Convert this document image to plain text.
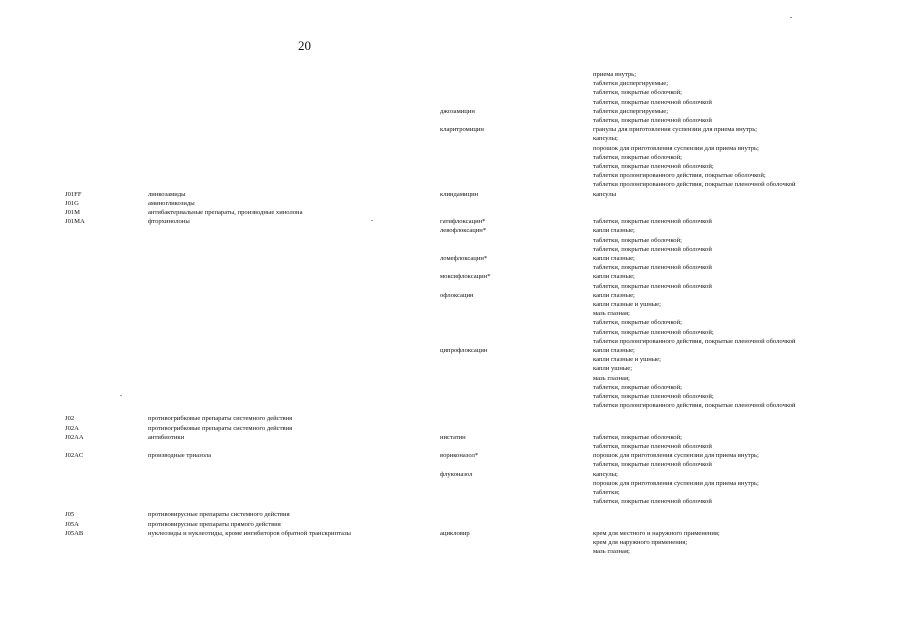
20
приема внутрь;
таблетки диспергируемые;
таблетки, покрытые оболочкой;
таблетки, покрытые пленочной оболочкой
джозамицин	таблетки диспергируемые;
таблетки, покрытые пленочной оболочкой
кларитромицин	гранулы для приготовления суспензии для приема внутрь;
капсулы;
порошок для приготовления суспензии для приема внутрь;
таблетки, покрытые оболочкой;
таблетки, покрытые пленочной оболочкой;
таблетки пролонгированного действия, покрытые оболочкой;
таблетки пролонгированного действия, покрытые пленочной оболочкой
J01FF	линкозамиды	клиндамицин	капсулы
J01G	аминогликозиды
J01M	антибактериальные препараты, производные хинолона
J01MA	фторхинолоны	гатифлоксацин*	таблетки, покрытые пленочной оболочкой
левофлоксацин*	капли глазные;
таблетки, покрытые оболочкой;
таблетки, покрытые пленочной оболочкой
ломефлоксацин*	капли глазные;
таблетки, покрытые пленочной оболочкой
моксифлоксацин*	капли глазные;
таблетки, покрытые пленочной оболочкой
офлоксацин	капли глазные;
капли глазные и ушные;
мазь глазная;
таблетки, покрытые оболочкой;
таблетки, покрытые пленочной оболочкой;
таблетки пролонгированного действия, покрытые пленочной оболочкой
ципрофлоксацин	капли глазные;
капли глазные и ушные;
капли ушные;
мазь глазная;
таблетки, покрытые оболочкой;
таблетки, покрытые пленочной оболочкой;
таблетки пролонгированного действия, покрытые пленочной оболочкой
J02	противогрибковые препараты системного действия
J02A	противогрибковые препараты системного действия
J02AA	антибиотики	нистатин	таблетки, покрытые оболочкой;
таблетки, покрытые пленочной оболочкой
J02AC	производные триазола	вориконазол*	порошок для приготовления суспензии для приема внутрь;
таблетки, покрытые пленочной оболочкой
флуконазол	капсулы;
порошок для приготовления суспензии для приема внутрь;
таблетки;
таблетки, покрытые пленочной оболочкой
J05	противовирусные препараты системного действия
J05A	противовирусные препараты прямого действия
J05AB	нуклеозиды и нуклеотиды, кроме ингибиторов обратной транскриптазы	ацикловир	крем для местного и наружного применения;
крем для наружного применения;
мазь глазная;
